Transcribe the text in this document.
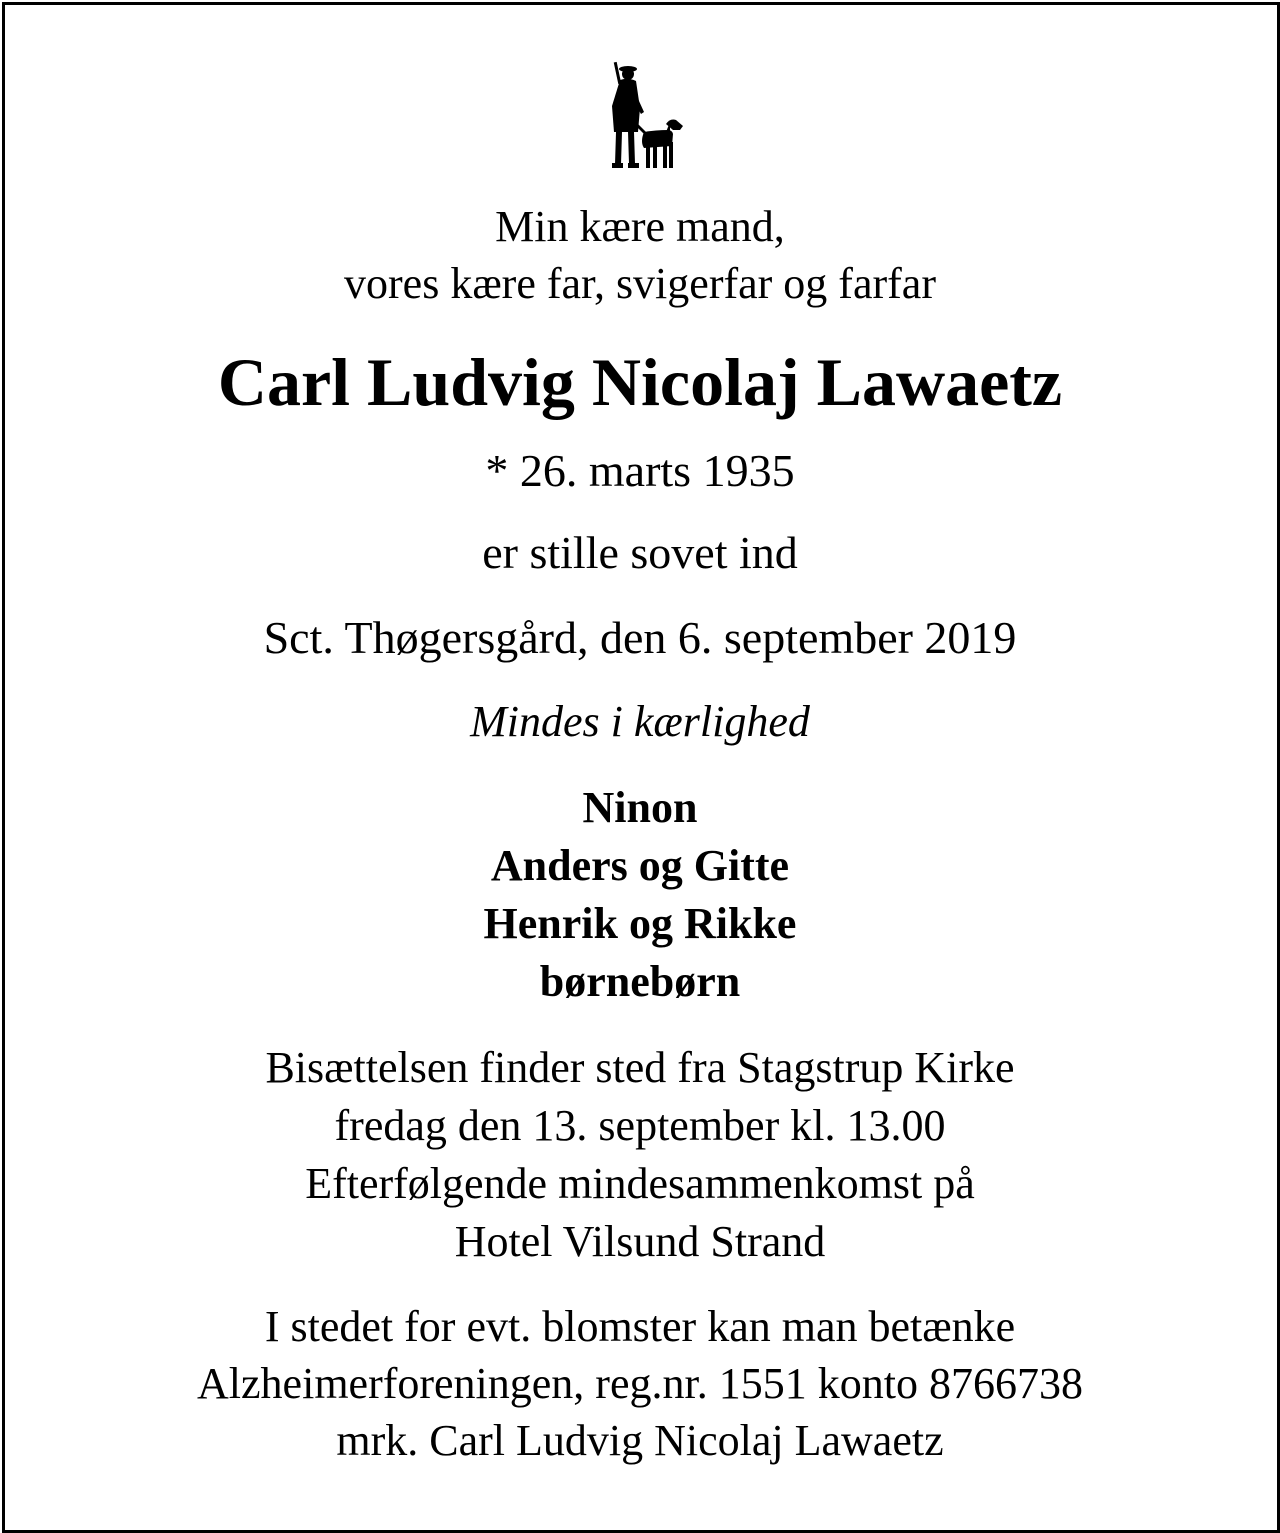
Min kære mand,
vores kære far, svigerfar og farfar
Carl Ludvig Nicolaj Lawaetz
* 26. marts 1935
er stille sovet ind
Sct. Thøgersgård, den 6. september 2019
Mindes i kærlighed
Ninon
Anders og Gitte
Henrik og Rikke
børnebørn
Bisættelsen finder sted fra Stagstrup Kirke
fredag den 13. september kl. 13.00
Efterfølgende mindesammenkomst på
Hotel Vilsund Strand
I stedet for evt. blomster kan man betænke
Alzheimerforeningen, reg.nr. 1551 konto 8766738
mrk. Carl Ludvig Nicolaj Lawaetz
